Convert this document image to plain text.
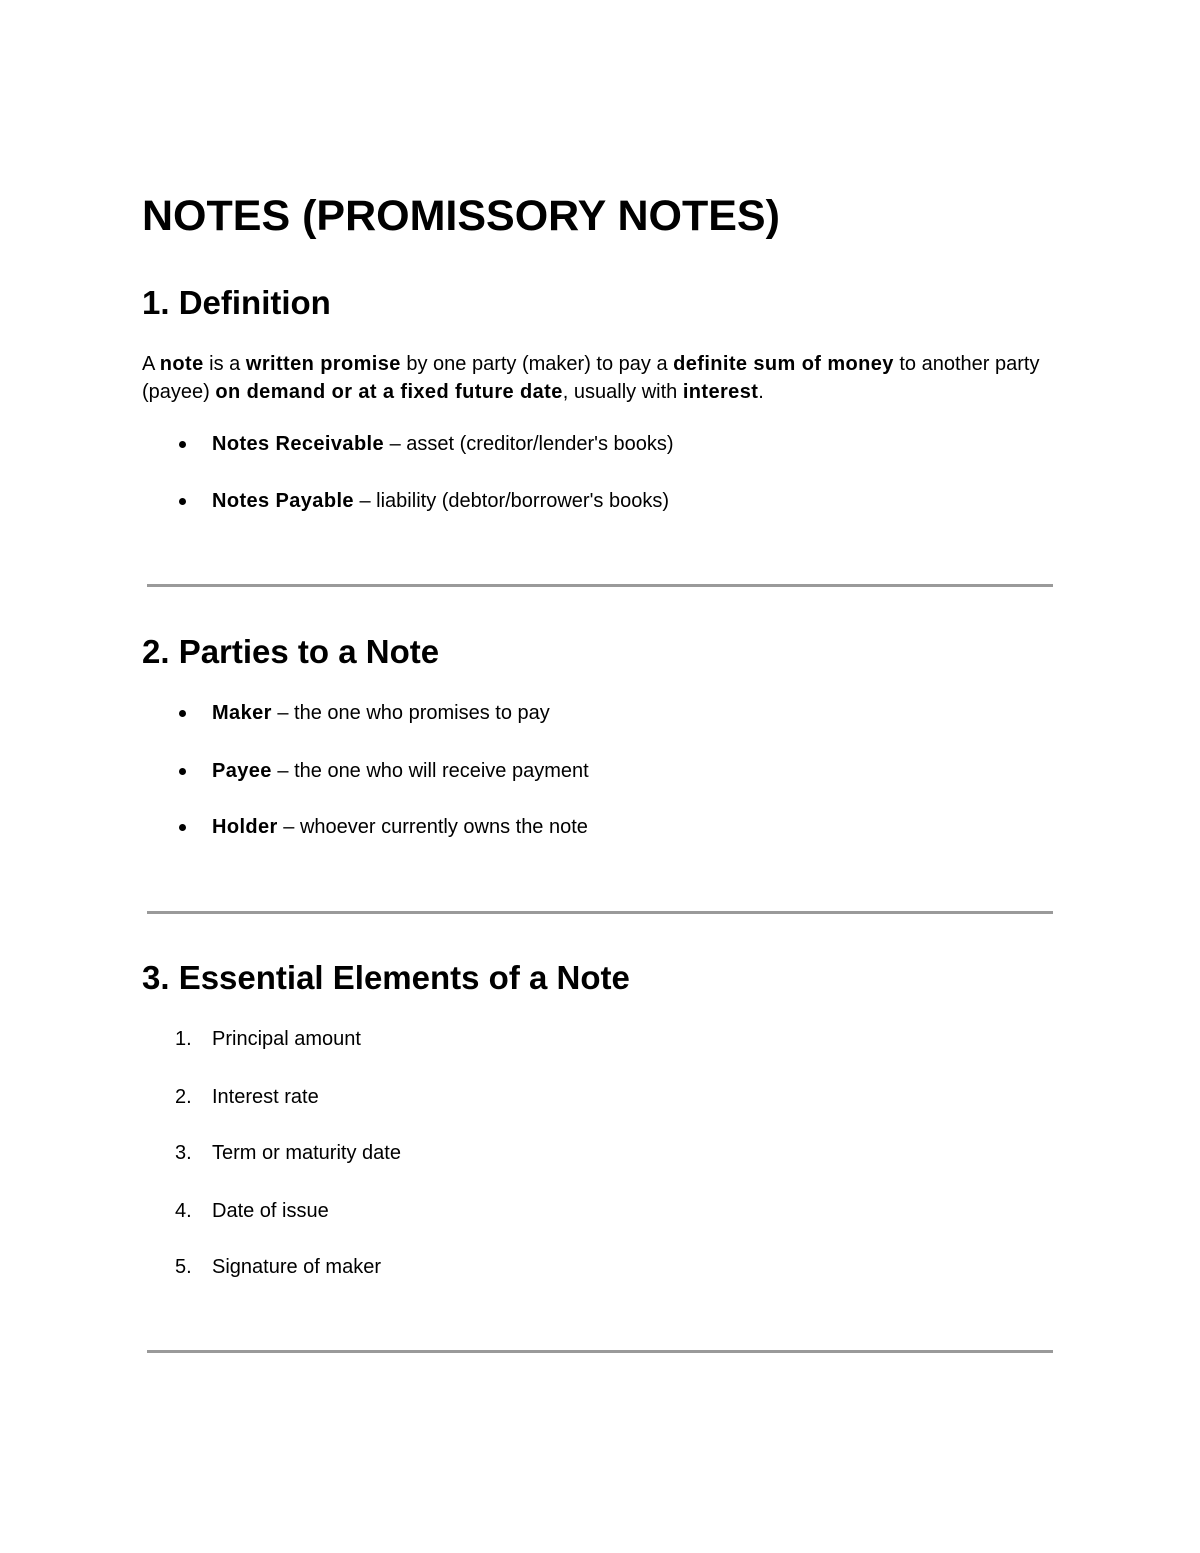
NOTES (PROMISSORY NOTES)
1. Definition

A note is a written promise by one party (maker) to pay a definite sum of money to another party (payee) on demand or at a fixed future date, usually with interest.

Notes Receivable – asset (creditor/lender's books)

Notes Payable – liability (debtor/borrower's books)

2. Parties to a Note

Maker – the one who promises to pay

Payee – the one who will receive payment

Holder – whoever currently owns the note

3. Essential Elements of a Note
1. Principal amount

2. Interest rate

3. Term or maturity date

4. Date of issue

5. Signature of maker
